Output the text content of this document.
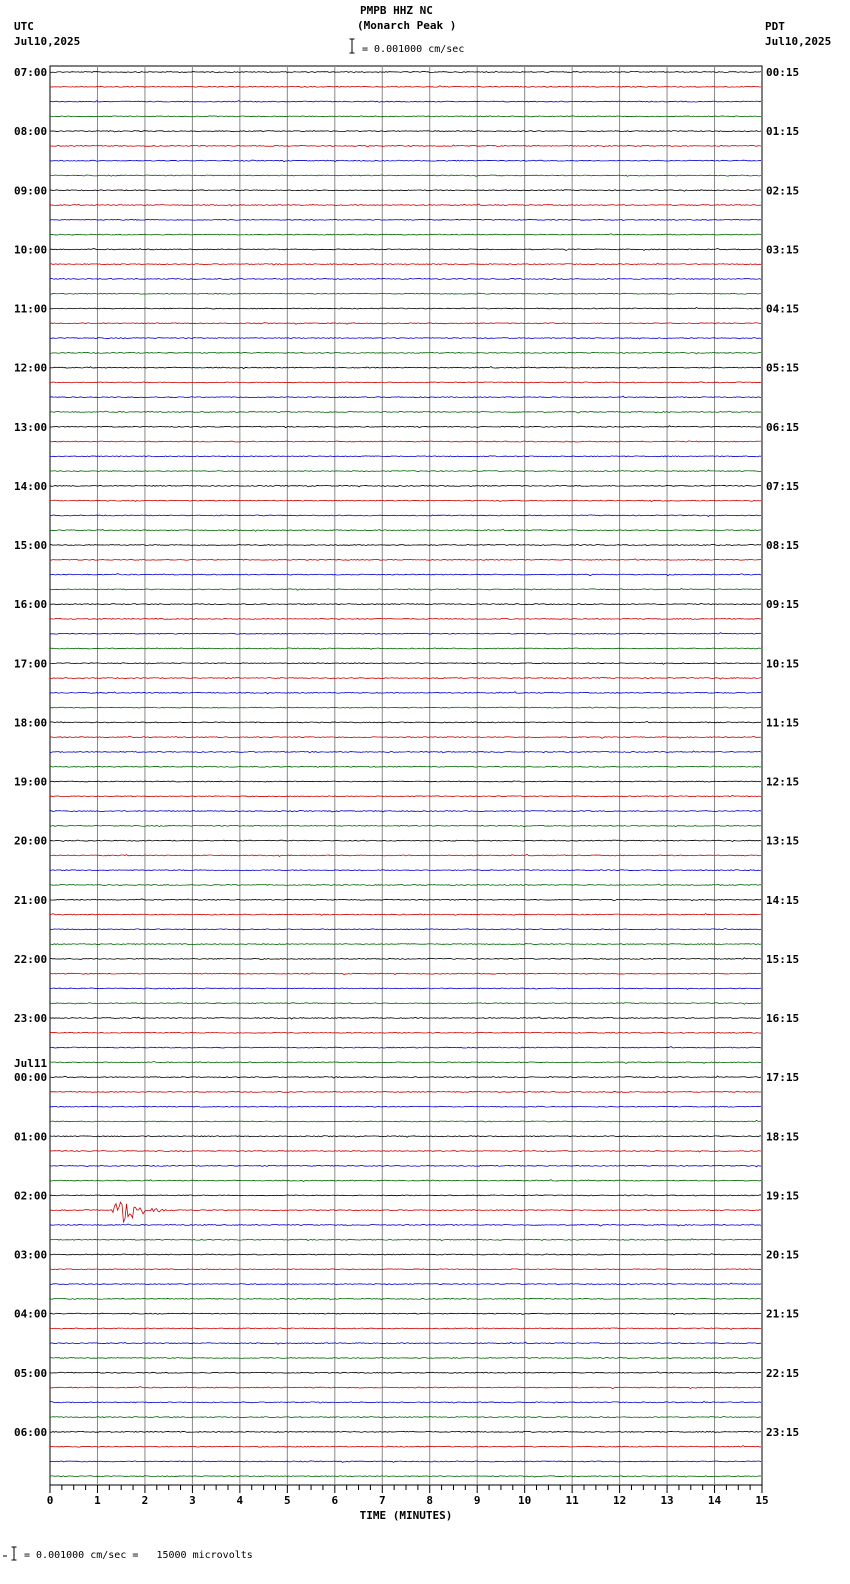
PMPB HHZ NC
(Monarch Peak )
= 0.001000 cm/sec
UTC
Jul10,2025
PDT
Jul10,2025
= 0.001000 cm/sec =   15000 microvolts
0	1	2	3	4	5	6	7	8	9	10	11	12	13	14	15
TIME (MINUTES)
07:00
08:00
09:00
10:00
11:00
12:00
13:00
14:00
15:00
16:00
17:00
18:00
19:00
20:00
21:00
22:00
23:00
00:00
Jul11
01:00
02:00
03:00
04:00
05:00
06:00
00:15
01:15
02:15
03:15
04:15
05:15
06:15
07:15
08:15
09:15
10:15
11:15
12:15
13:15
14:15
15:15
16:15
17:15
18:15
19:15
20:15
21:15
22:15
23:15
